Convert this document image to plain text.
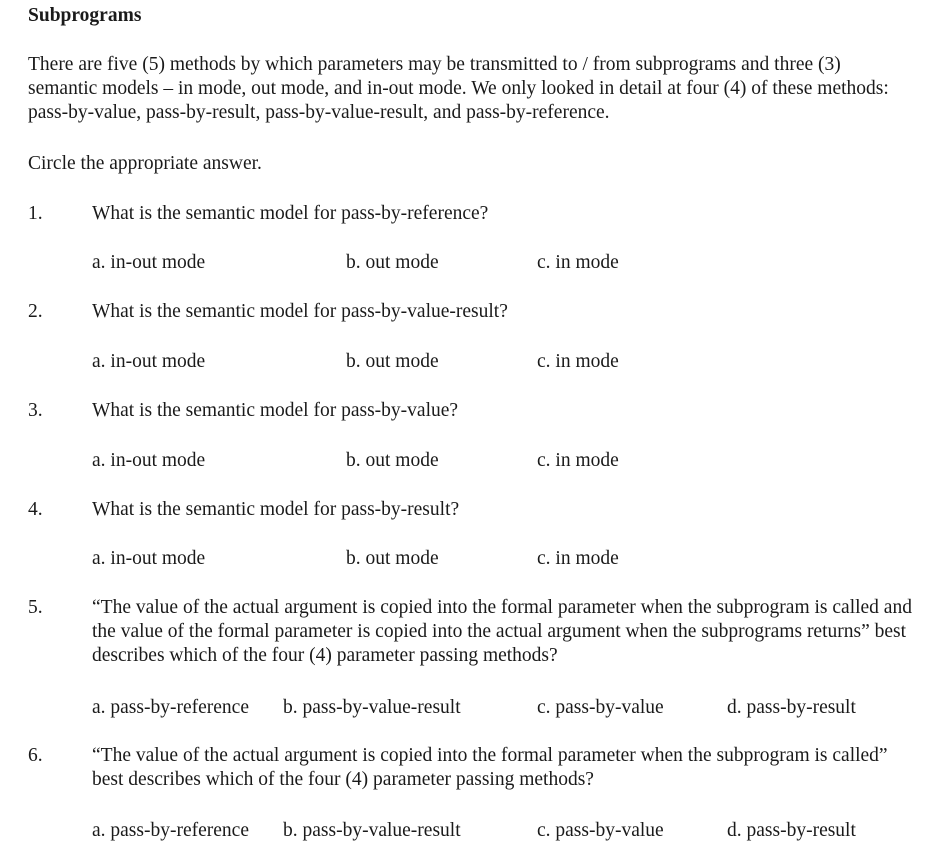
Subprograms
There are five (5) methods by which parameters may be transmitted to / from subprograms and three (3) semantic models – in mode, out mode, and in-out mode. We only looked in detail at four (4) of these methods: pass-by-value, pass-by-result, pass-by-value-result, and pass-by-reference.
Circle the appropriate answer.
1.	What is the semantic model for pass-by-reference?
a. in-out mode	b. out mode	c. in mode
2.	What is the semantic model for pass-by-value-result?
a. in-out mode	b. out mode	c. in mode
3.	What is the semantic model for pass-by-value?
a. in-out mode	b. out mode	c. in mode
4.	What is the semantic model for pass-by-result?
a. in-out mode	b. out mode	c. in mode
5.	“The value of the actual argument is copied into the formal parameter when the subprogram is called and the value of the formal parameter is copied into the actual argument when the subprograms returns” best describes which of the four (4) parameter passing methods?
a. pass-by-reference b. pass-by-value-result	c. pass-by-value	d. pass-by-result
6.	“The value of the actual argument is copied into the formal parameter when the subprogram is called” best describes which of the four (4) parameter passing methods?
a. pass-by-reference b. pass-by-value-result	c. pass-by-value	d. pass-by-result
